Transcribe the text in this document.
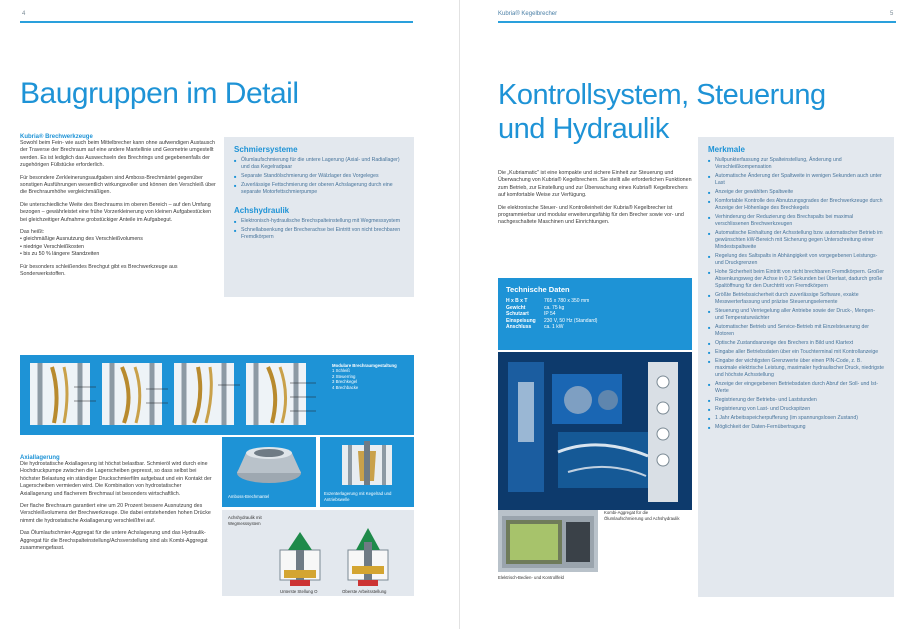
4
Baugruppen im Detail
Kubria® Brechwerkzeuge

Sowohl beim Fein- wie auch beim Mittelbrecher kann ohne aufwendigen Austausch der Traverse der Brechraum auf eine andere Mantellinie und Geometrie umgestellt werden. Es ist lediglich das Auswechseln des Brechrings und gegebenenfalls der zugehörigen Füllstücke erforderlich.

Für besondere Zerkleinerungsaufgaben sind Amboss-Brechmäntel gegenüber sonstigen Ausführungen wesentlich wirkungsvoller und können den Verschleiß über die Brechraumhöhe vergleichmäßigen.

Die unterschiedliche Weite des Brechraums im oberen Bereich – auf den Umfang bezogen – gewährleistet eine frühe Vorzerkleinerung von kleinen Aufgabestücken bei gleichzeitiger Aufnahme grobstückiger Anteile im Aufgabegut.

Das heißt:

• gleichmäßige Ausnutzung des Verschleißvolumens
• niedrige Verschleißkosten
• bis zu 50 % längere Standzeiten
Für besonders schleißendes Brechgut gibt es Brechwerkzeuge aus Sonderwerkstoffen.
Schmiersysteme
■ Ölumlaufschmierung für die untere Lagerung (Axial- und Radiallager) und das Kegelradpaar
■ Separate Standölschmierung der Wälzlager des Vorgeleges
■ Zuverlässige Fettschmierung der oberen Achslagerung durch eine separate Motorfettschmierpumpe
Achshydraulik
■ Elektronisch-hydraulische Brechspalteinstellung mit Wegmesssystem
■ Schnellabsenkung der Brecherachse bei Eintritt von nicht brechbaren Fremdkörpern
Modulare Brechraumgestaltung
1 Schleiß
2 Steuerring
3 Brechkegel
4 Brechbacke
Axiallagerung

Die hydrostatische Axiallagerung ist höchst belastbar. Schmieröl wird durch eine Hochdruckpumpe zwischen die Lagerscheiben gepresst, so dass selbst bei höchster Belastung ein ständiger Druckschmierfilm aufgebaut und ein Kontakt der Lagerscheiben vermieden wird. Die Kombination von hydrostatischer Axiallagerung und flacherem Brechmaul ist besonders wirtschaftlich.

Der flache Brechraum garantiert eine um 20 Prozent bessere Ausnutzung des Verschleißvolumens der Brechwerkzeuge. Die dabei entstehenden hohen Drücke nimmt die hydrostatische Axiallagerung verschleißfrei auf.

Das Ölumlaufschmier-Aggregat für die untere Achslagerung und das Hydraulik-Aggregat für die Brechspalteinstellung/Achsverstellung sind als Kombi-Aggregat zusammengefasst.

Amboss-Brechmantel
Exzenterlagerung mit Kegelrad und Antriebswelle
Achshydraulik mit Wegmesssystem
Unterste Stellung O	Oberste Arbeitsstellung
Kubria® Kegelbrecher	5
Kontrollsystem, Steuerung und Hydraulik

Die „Kubriamatic" ist eine kompakte und sichere Einheit zur Steuerung und Überwachung von Kubria® Kegelbrechern. Sie stellt alle erforderlichen Funktionen zum Betrieb, zur Einstellung und zur Überwachung eines Kubria® Kegelbrechers auf komfortable Weise zur Verfügung.

Die elektronische Steuer- und Kontrolleinheit der Kubria® Kegelbrecher ist programmierbar und modular erweiterungsfähig für den Brecher sowie vor- und nachgeschaltete Maschinen und Einrichtungen.

Technische Daten
H x B x T	765 x 780 x 350 mm
Gewicht	ca. 75 kg
Schutzart	IP 54
Einspeisung	230 V, 50 Hz (Standard)
Anschluss	ca. 1 kW
Kombi-Aggregat für die Ölumlaufschmierung und Achshydraulik
Elektrisch-Bedien- und Kontrollfeld
Merkmale
■ Nullpunkterfassung zur Spalteinstellung, Änderung und Verschleißkompensation
■ Automatische Änderung der Spaltweite in wenigen Sekunden auch unter Last
■ Anzeige der gewählten Spaltweite
■ Komfortable Kontrolle des Abnutzungsgrades der Brechwerkzeuge durch Anzeige der Höhenlage des Brechkegels
■ Verhinderung der Reduzierung des Brechspalts bei maximal verschlissenen Brechwerkzeugen
■ Automatische Einhaltung der Achsstellung bzw. automatischer Betrieb im gewünschten kW-Bereich mit Sicherung gegen Unterschreitung einer Mindestspaltweite
■ Regelung des Saltspalts in Abhängigkeit von vorgegebenen Leistungs- und Druckgrenzen
■ Hohe Sicherheit beim Eintritt von nicht brechbaren Fremdkörpern. Großer Absenkungsweg der Achse in 0,2 Sekunden bei Überlast, dadurch große Spaltöffnung für den Durchtritt von Fremdkörpern
■ Größte Betriebssicherheit durch zuverlässige Software, exakte Messwerterfassung und präzise Steuerungselemente
■ Steuerung und Verriegelung aller Antriebe sowie der Druck-, Mengen- und Temperaturwächter
■ Automatischer Betrieb und Service-Betrieb mit Einzelsteuerung der Motoren
■ Optische Zustandsanzeige des Brechers in Bild und Klartext
■ Eingabe aller Betriebsdaten über ein Touchterminal mit Kontrollanzeige
■ Eingabe der wichtigsten Grenzwerte über einen PIN-Code, z. B. maximale elektrische Leistung, maximaler hydraulischer Druck, niedrigste und höchste Achsstellung
■ Anzeige der eingegebenen Betriebsdaten durch Abruf der Soll- und Ist-Werte
■ Registrierung der Betriebs- und Laststunden
■ Registrierung von Last- und Druckspitzen
■ 1 Jahr Arbeitsspeicherpufferung (im spannungslosen Zustand)
■ Möglichkeit der Daten-Fernübertragung
